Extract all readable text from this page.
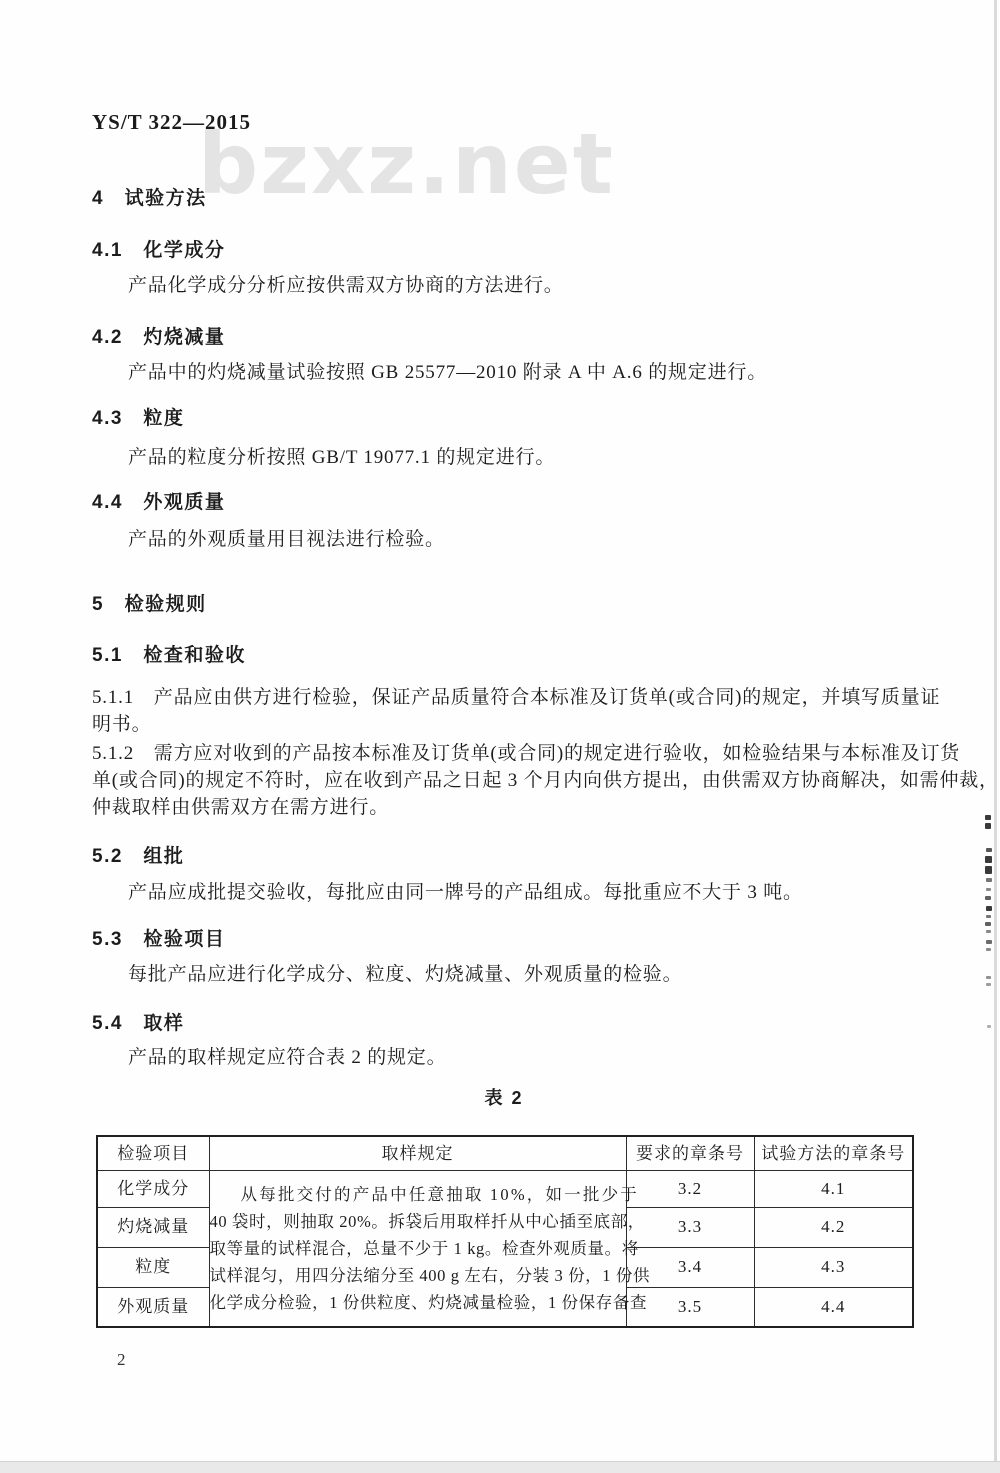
bzxz.net
YS/T 322—2015
4　试验方法
4.1　化学成分
产品化学成分分析应按供需双方协商的方法进行。
4.2　灼烧减量
产品中的灼烧减量试验按照 GB 25577—2010 附录 A 中 A.6 的规定进行。
4.3　粒度
产品的粒度分析按照 GB/T 19077.1 的规定进行。
4.4　外观质量
产品的外观质量用目视法进行检验。
5　检验规则
5.1　检查和验收
5.1.1　产品应由供方进行检验，保证产品质量符合本标准及订货单(或合同)的规定，并填写质量证
明书。
5.1.2　需方应对收到的产品按本标准及订货单(或合同)的规定进行验收，如检验结果与本标准及订货
单(或合同)的规定不符时，应在收到产品之日起 3 个月内向供方提出，由供需双方协商解决，如需仲裁，
仲裁取样由供需双方在需方进行。
5.2　组批
产品应成批提交验收，每批应由同一牌号的产品组成。每批重应不大于 3 吨。
5.3　检验项目
每批产品应进行化学成分、粒度、灼烧减量、外观质量的检验。
5.4　取样
产品的取样规定应符合表 2 的规定。
表 2
检验项目	取样规定	要求的章条号	试验方法的章条号
化学成分	从每批交付的产品中任意抽取 10%，如一批少于
40 袋时，则抽取 20%。拆袋后用取样扦从中心插至底部，
取等量的试样混合，总量不少于 1 kg。检查外观质量。将
试样混匀，用四分法缩分至 400 g 左右，分装 3 份，1 份供
化学成分检验，1 份供粒度、灼烧减量检验，1 份保存备查	3.2	4.1
灼烧减量		3.3	4.2
粒度		3.4	4.3
外观质量		3.5	4.4
2
